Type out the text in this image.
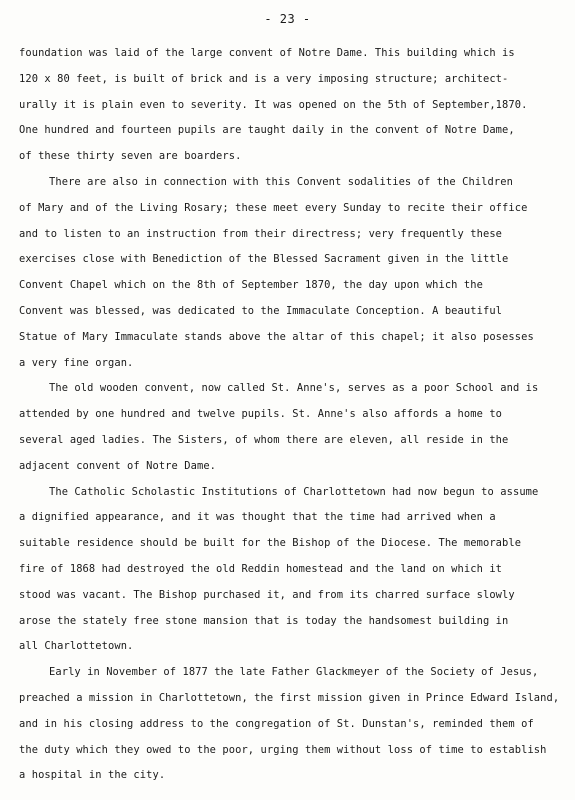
- 23 -
foundation was laid of the large convent of Notre Dame. This building which is
120 x 80 feet, is built of brick and is a very imposing structure; architect-
urally it is plain even to severity. It was opened on the 5th of September,1870.
One hundred and fourteen pupils are taught daily in the convent of Notre Dame,
of these thirty seven are boarders.
There are also in connection with this Convent sodalities of the Children
of Mary and of the Living Rosary; these meet every Sunday to recite their office
and to listen to an instruction from their directress; very frequently these
exercises close with Benediction of the Blessed Sacrament given in the little
Convent Chapel which on the 8th of September 1870, the day upon which the
Convent was blessed, was dedicated to the Immaculate Conception. A beautiful
Statue of Mary Immaculate stands above the altar of this chapel; it also posesses
a very fine organ.
The old wooden convent, now called St. Anne's, serves as a poor School and is
attended by one hundred and twelve pupils. St. Anne's also affords a home to
several aged ladies. The Sisters, of whom there are eleven, all reside in the
adjacent convent of Notre Dame.
The Catholic Scholastic Institutions of Charlottetown had now begun to assume
a dignified appearance, and it was thought that the time had arrived when a
suitable residence should be built for the Bishop of the Diocese. The memorable
fire of 1868 had destroyed the old Reddin homestead and the land on which it
stood was vacant. The Bishop purchased it, and from its charred surface slowly
arose the stately free stone mansion that is today the handsomest building in
all Charlottetown.
Early in November of 1877 the late Father Glackmeyer of the Society of Jesus,
preached a mission in Charlottetown, the first mission given in Prince Edward Island,
and in his closing address to the congregation of St. Dunstan's, reminded them of
the duty which they owed to the poor, urging them without loss of time to establish
a hospital in the city.
